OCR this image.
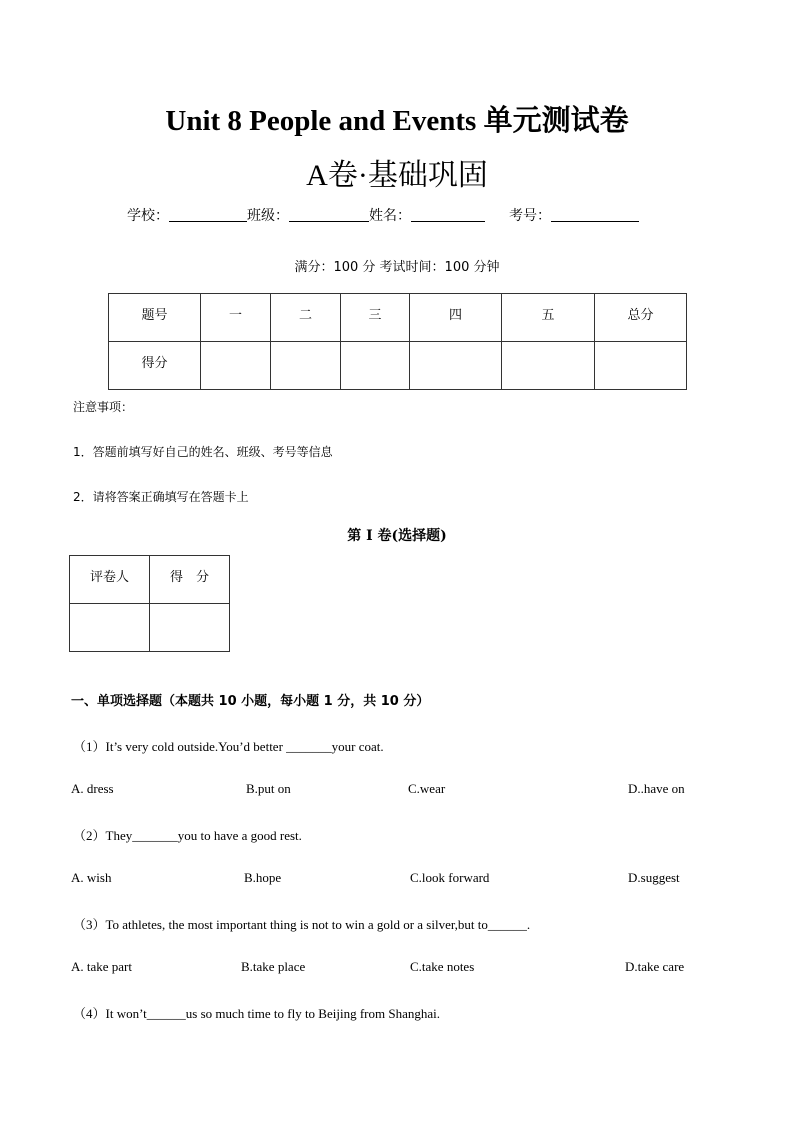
Unit 8 People and Events 单元测试卷
A卷·基础巩固
学校：	班级：	姓名：	考号：
满分：100 分 考试时间：100 分钟
题号	一	二	三	四	五	总分
得分						
注意事项：
1．答题前填写好自己的姓名、班级、考号等信息
2．请将答案正确填写在答题卡上
第 I 卷(选择题)
评卷人	得　分

一、单项选择题（本题共 10 小题，每小题 1 分，共 10 分）
（1）It’s very cold outside.You’d better _______your coat.
A. dress	B.put on	C.wear	D..have on
（2）They_______you to have a good rest.
A. wish	B.hope	C.look forward	D.suggest
（3）To athletes, the most important thing is not to win a gold or a silver,but to______.
A. take part	B.take place	C.take notes	D.take care
（4）It won’t______us so much time to fly to Beijing from Shanghai.
